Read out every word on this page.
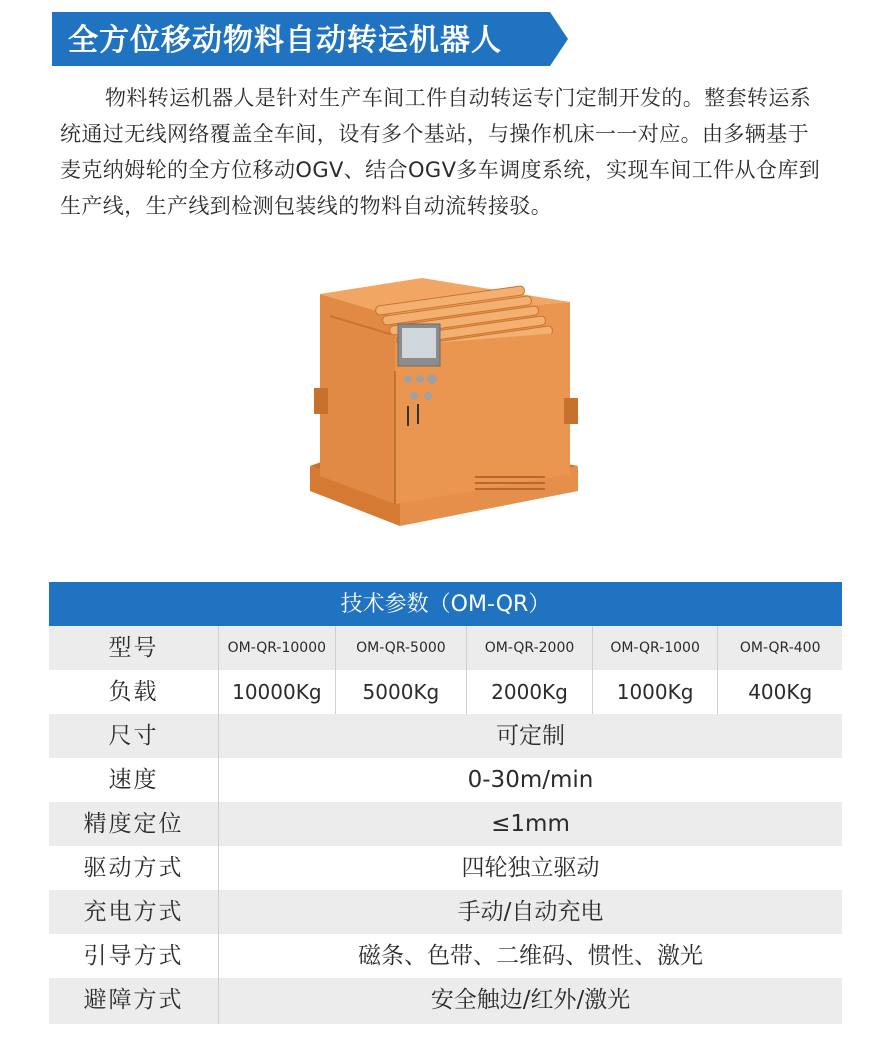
全方位移动物料自动转运机器人

物料转运机器人是针对生产车间工件自动转运专门定制开发的。整套转运系统通过无线网络覆盖全车间，设有多个基站，与操作机床一一对应。由多辆基于麦克纳姆轮的全方位移动OGV、结合OGV多车调度系统，实现车间工件从仓库到生产线，生产线到检测包装线的物料自动流转接驳。

技术参数（OM-QR）
型号	OM-QR-10000	OM-QR-5000	OM-QR-2000	OM-QR-1000	OM-QR-400
负载	10000Kg	5000Kg	2000Kg	1000Kg	400Kg
尺寸	可定制
速度	0-30m/min
精度定位	≤1mm
驱动方式	四轮独立驱动
充电方式	手动/自动充电
引导方式	磁条、色带、二维码、惯性、激光
避障方式	安全触边/红外/激光
